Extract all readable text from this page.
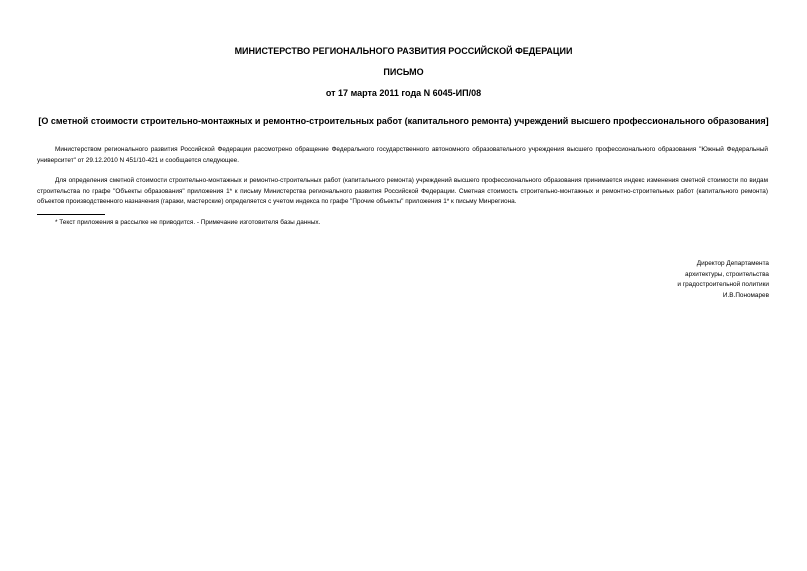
МИНИСТЕРСТВО РЕГИОНАЛЬНОГО РАЗВИТИЯ РОССИЙСКОЙ ФЕДЕРАЦИИ
ПИСЬМО
от 17 марта 2011 года N 6045-ИП/08
[О сметной стоимости строительно-монтажных и ремонтно-строительных работ (капитального ремонта) учреждений высшего профессионального образования]
Министерством регионального развития Российской Федерации рассмотрено обращение Федерального государственного автономного образовательного учреждения высшего профессионального образования "Южный Федеральный университет" от 29.12.2010 N 451/10-421 и сообщается следующее.
Для определения сметной стоимости строительно-монтажных и ремонтно-строительных работ (капитального ремонта) учреждений высшего профессионального образования принимается индекс изменения сметной стоимости по видам строительства по графе "Объекты образования" приложения 1* к письму Министерства регионального развития Российской Федерации. Сметная стоимость строительно-монтажных и ремонтно-строительных работ (капитального ремонта) объектов производственного назначения (гаражи, мастерские) определяется с учетом индекса по графе "Прочие объекты" приложения 1* к письму Минрегиона.
* Текст приложения в рассылке не приводится. - Примечание изготовителя базы данных.
Директор Департамента
архитектуры, строительства
и градостроительной политики
И.В.Пономарев
